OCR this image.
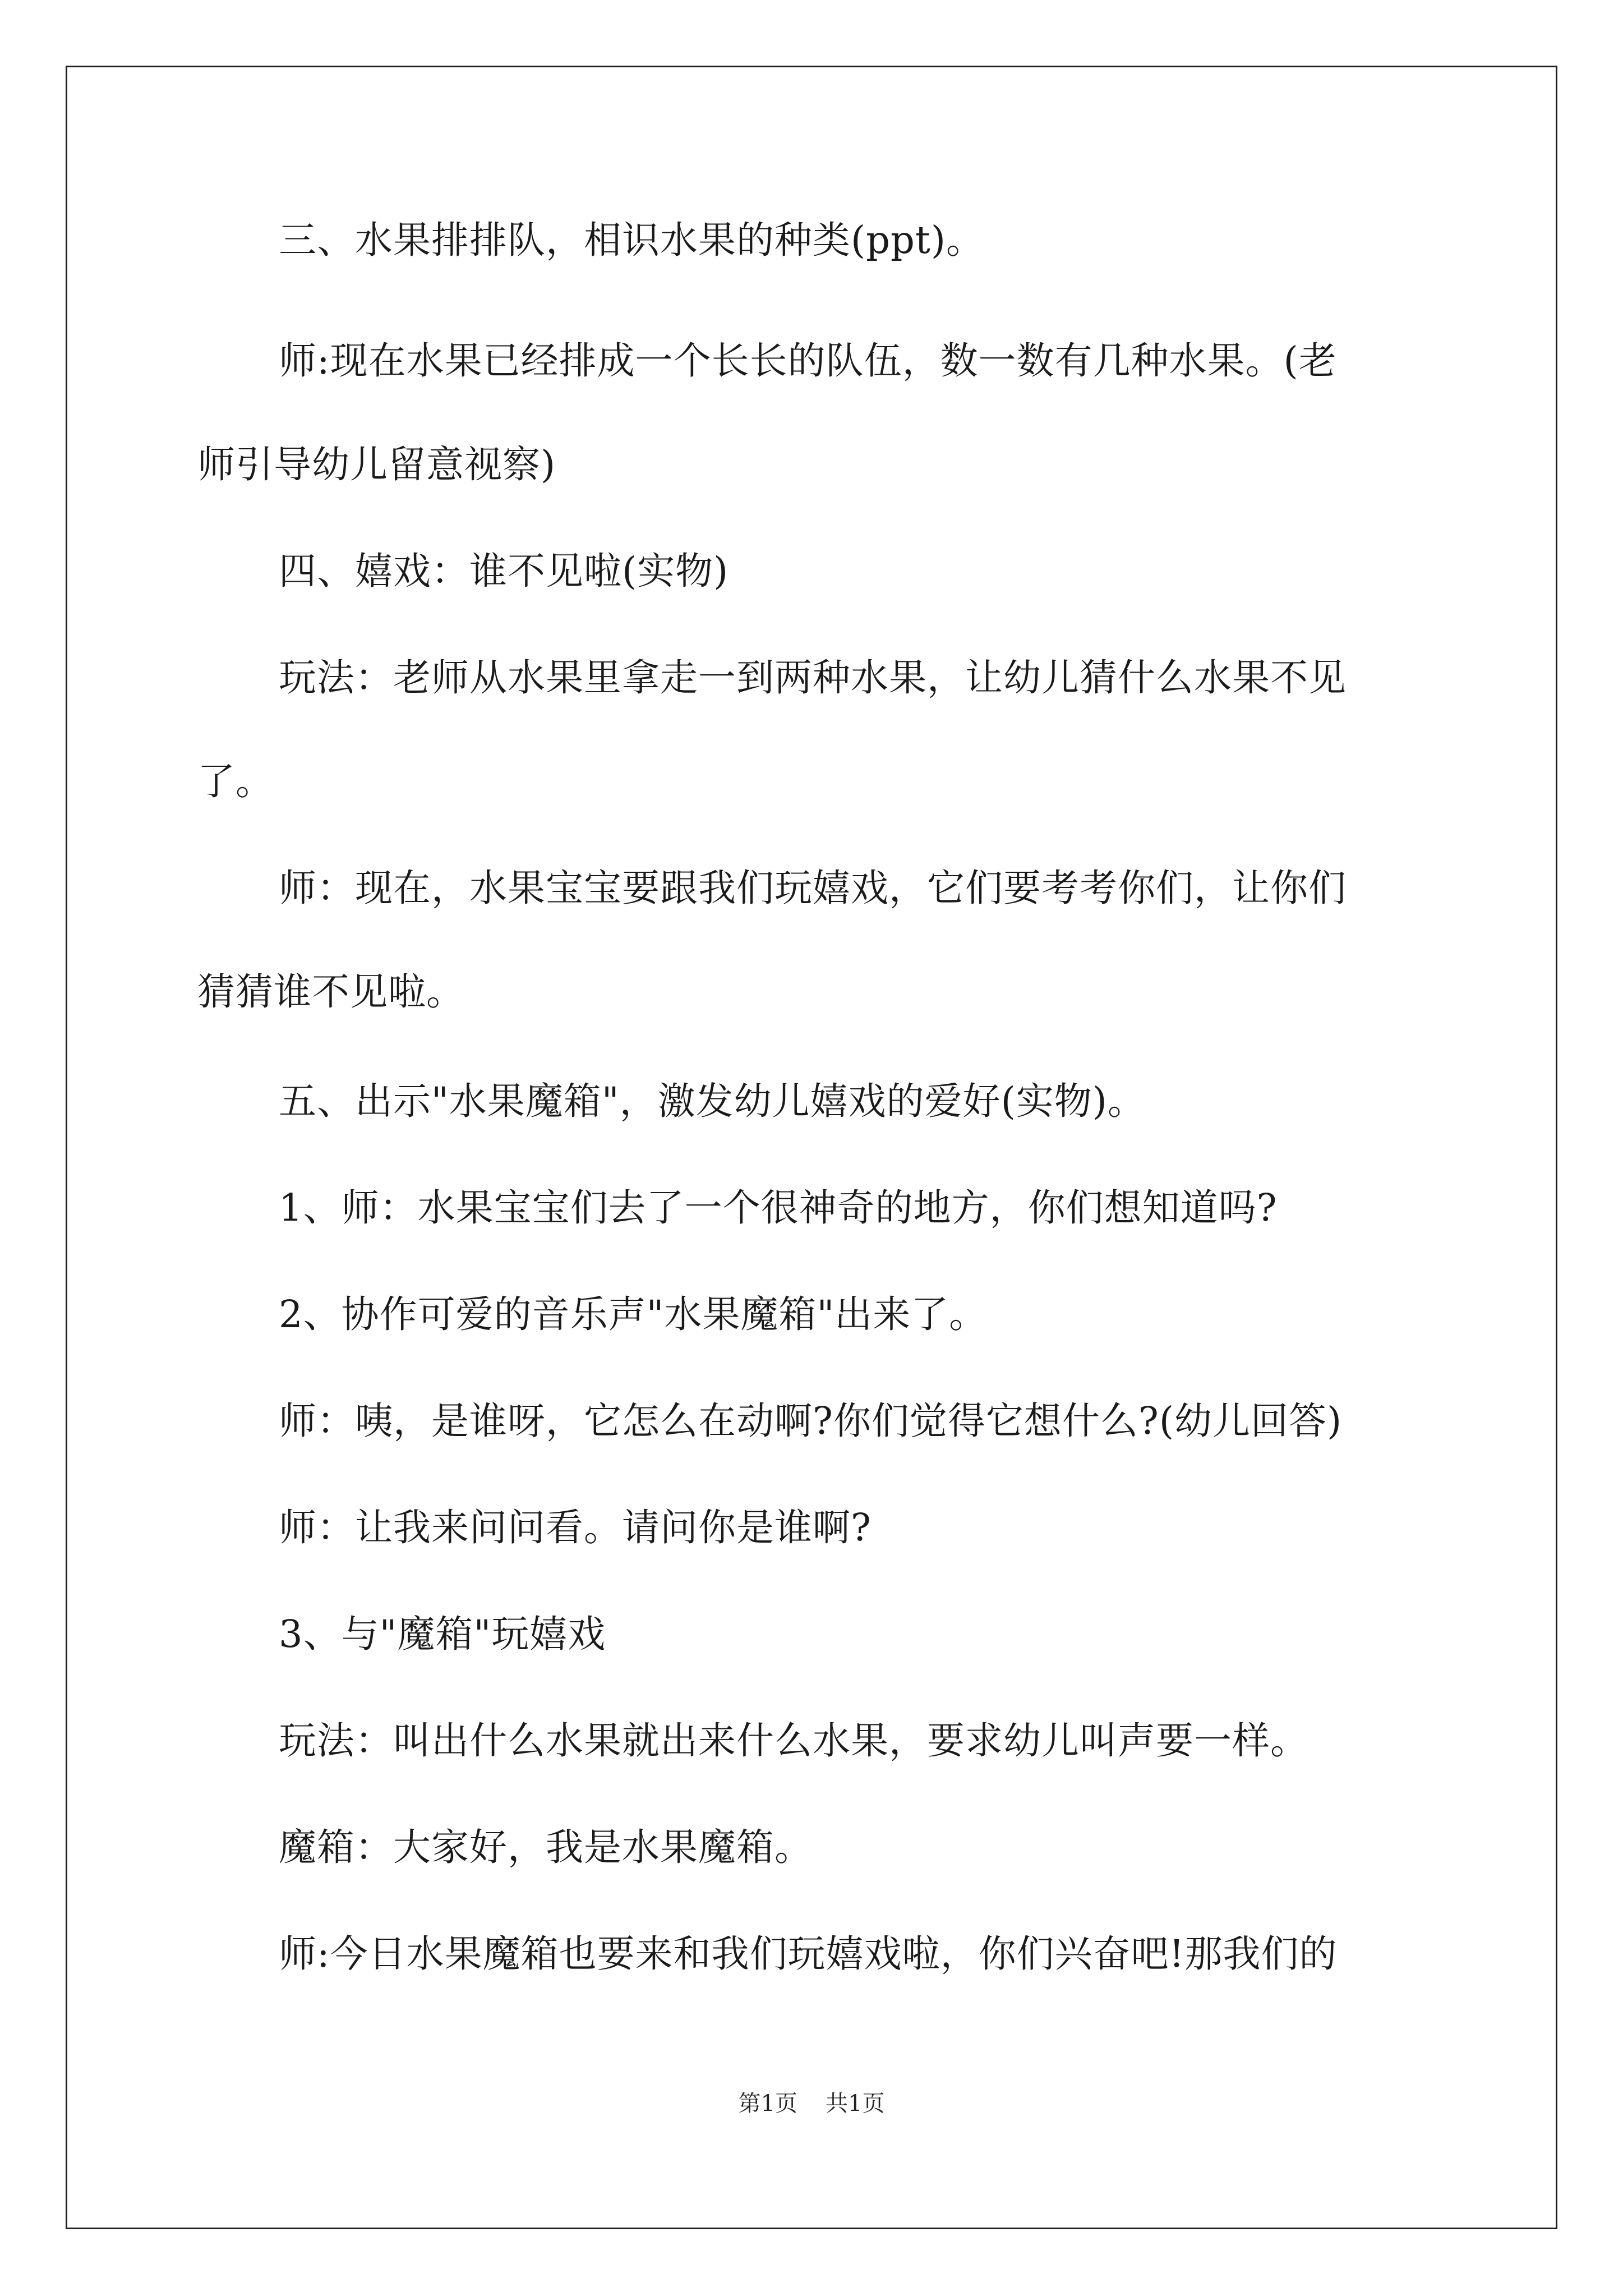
三、水果排排队，相识水果的种类(ppt)。
师:现在水果已经排成一个长长的队伍，数一数有几种水果。(老
师引导幼儿留意视察)
四、嬉戏：谁不见啦(实物)
玩法：老师从水果里拿走一到两种水果，让幼儿猜什么水果不见
了。
师：现在，水果宝宝要跟我们玩嬉戏，它们要考考你们，让你们
猜猜谁不见啦。
五、出示"水果魔箱"，激发幼儿嬉戏的爱好(实物)。
1、师：水果宝宝们去了一个很神奇的地方，你们想知道吗?
2、协作可爱的音乐声"水果魔箱"出来了。
师：咦，是谁呀，它怎么在动啊?你们觉得它想什么?(幼儿回答)
师：让我来问问看。请问你是谁啊?
3、与"魔箱"玩嬉戏
玩法：叫出什么水果就出来什么水果，要求幼儿叫声要一样。
魔箱：大家好，我是水果魔箱。
师:今日水果魔箱也要来和我们玩嬉戏啦，你们兴奋吧!那我们的
第1页 共1页
